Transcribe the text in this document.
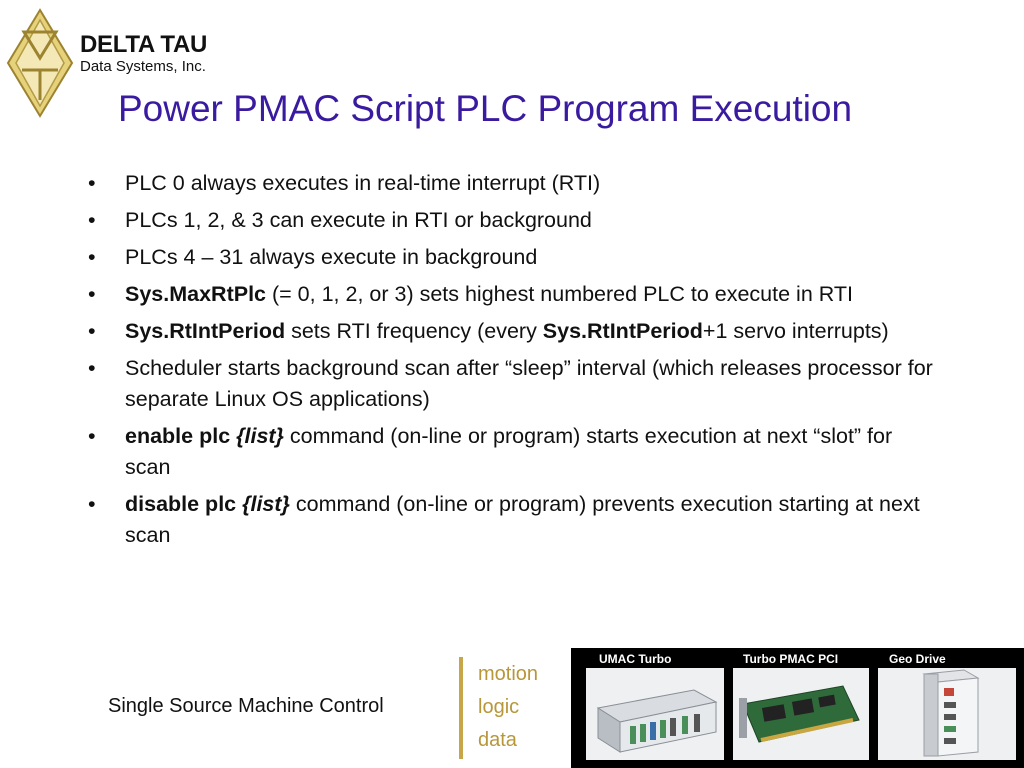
DELTA TAU
Data Systems, Inc.
Power PMAC Script PLC Program Execution
• PLC 0 always executes in real-time interrupt (RTI)
• PLCs 1, 2, & 3 can execute in RTI or background
• PLCs 4 – 31 always execute in background
• Sys.MaxRtPlc (= 0, 1, 2, or 3) sets highest numbered PLC to execute in RTI
• Sys.RtIntPeriod sets RTI frequency (every Sys.RtIntPeriod+1 servo interrupts)
• Scheduler starts background scan after “sleep” interval (which releases processor for separate Linux OS applications)
• enable plc {list} command (on-line or program) starts execution at next “slot” for scan
• disable plc {list} command (on-line or program) prevents execution starting at next scan
Single Source Machine Control
motion
logic
data
UMAC Turbo	Turbo PMAC PCI	Geo Drive
